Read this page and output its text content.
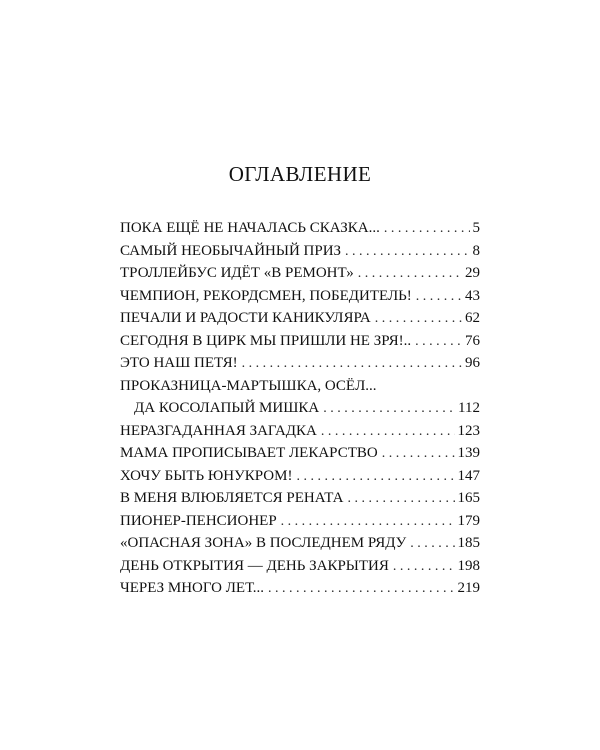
ОГЛАВЛЕНИЕ
ПОКА ЕЩЁ НЕ НАЧАЛАСЬ СКАЗКА... . . .	5
САМЫЙ НЕОБЫЧАЙНЫЙ ПРИЗ . . .	8
ТРОЛЛЕЙБУС ИДЁТ «В РЕМОНТ» . . .	29
ЧЕМПИОН, РЕКОРДСМЕН, ПОБЕДИТЕЛЬ! . . .	43
ПЕЧАЛИ И РАДОСТИ КАНИКУЛЯРА . . .	62
СЕГОДНЯ В ЦИРК МЫ ПРИШЛИ НЕ ЗРЯ!.. . . .	76
ЭТО НАШ ПЕТЯ! . . .	96
ПРОКАЗНИЦА-МАРТЫШКА, ОСЁЛ...
ДА КОСОЛАПЫЙ МИШКА . . .	112
НЕРАЗГАДАННАЯ ЗАГАДКА . . .	123
МАМА ПРОПИСЫВАЕТ ЛЕКАРСТВО . . .	139
ХОЧУ БЫТЬ ЮНУКРОМ! . . .	147
В МЕНЯ ВЛЮБЛЯЕТСЯ РЕНАТА . . .	165
ПИОНЕР-ПЕНСИОНЕР . . .	179
«ОПАСНАЯ ЗОНА» В ПОСЛЕДНЕМ РЯДУ . . .	185
ДЕНЬ ОТКРЫТИЯ — ДЕНЬ ЗАКРЫТИЯ . . .	198
ЧЕРЕЗ МНОГО ЛЕТ... . . .	219
